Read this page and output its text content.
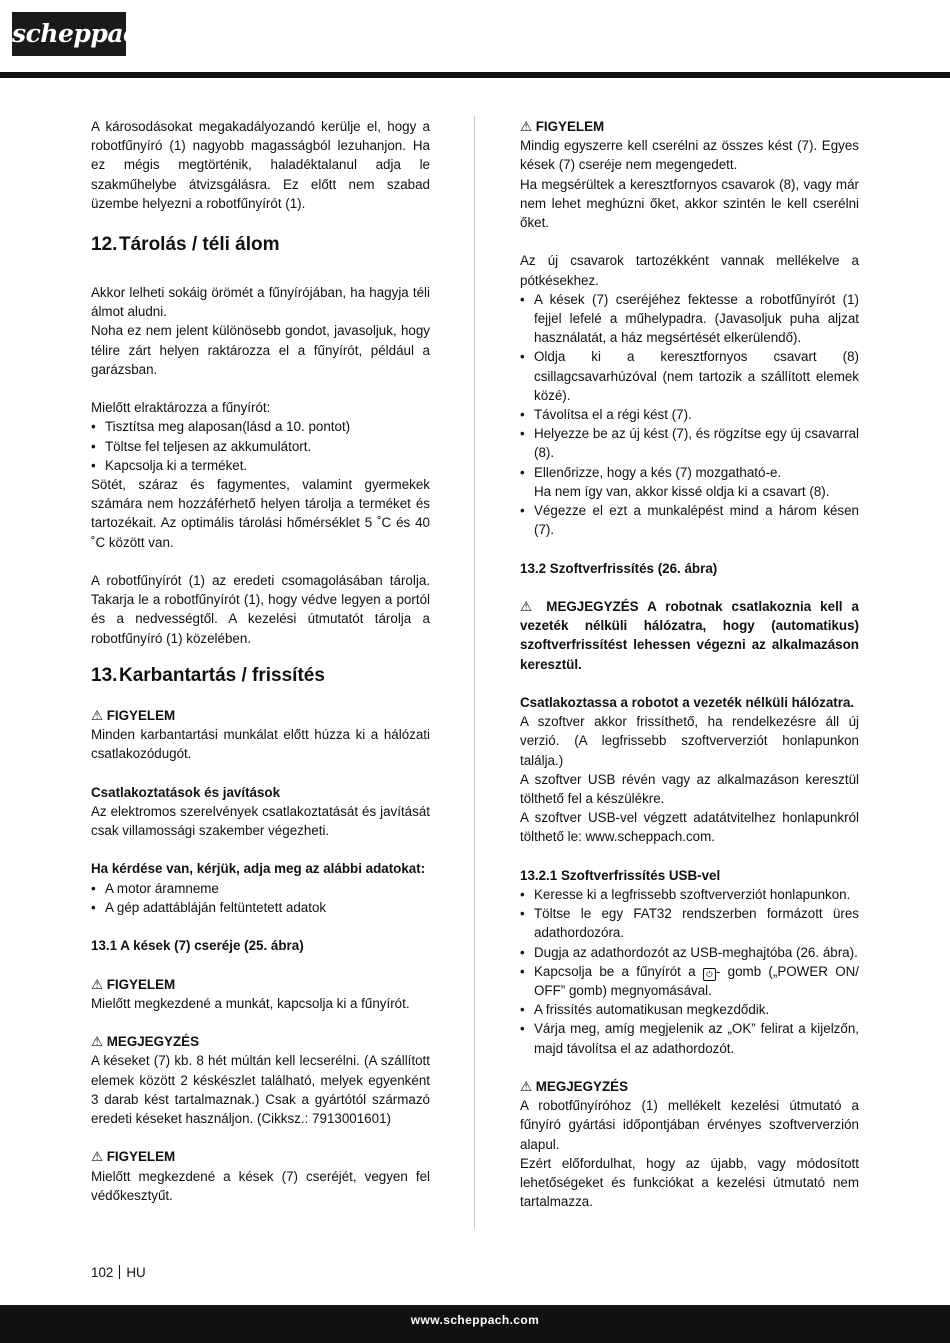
scheppach

A károsodásokat megakadályozandó kerülje el, hogy a robotfűnyíró (1) nagyobb magasságból lezuhanjon. Ha ez mégis megtörténik, haladéktalanul adja le szakműhelybe átvizsgálásra. Ez előtt nem szabad üzembe helyezni a robotfűnyírót (1).

12.Tárolás / téli álom

Akkor lelheti sokáig örömét a fűnyírójában, ha hagyja téli álmot aludni.

Noha ez nem jelent különösebb gondot, javasoljuk, hogy télire zárt helyen raktározza el a fűnyírót, például a garázsban.

Mielőtt elraktározza a fűnyírót:

• Tisztítsa meg alaposan(lásd a 10. pontot)
• Töltse fel teljesen az akkumulátort.
• Kapcsolja ki a terméket.

Sötét, száraz és fagymentes, valamint gyermekek számára nem hozzáférhető helyen tárolja a terméket és tartozékait. Az optimális tárolási hőmérséklet 5 ˚C és 40 ˚C között van.

A robotfűnyírót (1) az eredeti csomagolásában tárolja. Takarja le a robotfűnyírót (1), hogy védve legyen a portól és a nedvességtől. A kezelési útmutatót tárolja a robotfűnyíró (1) közelében.

13.Karbantartás / frissítés

⚠ FIGYELEM

Minden karbantartási munkálat előtt húzza ki a hálózati csatlakozódugót.

Csatlakoztatások és javítások

Az elektromos szerelvények csatlakoztatását és javítását csak villamossági szakember végezheti.

Ha kérdése van, kérjük, adja meg az alábbi adatokat:

• A motor áramneme
• A gép adattábláján feltüntetett adatok

13.1 A kések (7) cseréje (25. ábra)

⚠ FIGYELEM

Mielőtt megkezdené a munkát, kapcsolja ki a fűnyírót.

⚠ MEGJEGYZÉS

A késeket (7) kb. 8 hét múltán kell lecserélni. (A szállított elemek között 2 késkészlet található, melyek egyenként 3 darab kést tartalmaznak.) Csak a gyártótól származó eredeti késeket használjon. (Cikksz.: 7913001601)

⚠ FIGYELEM

Mielőtt megkezdené a kések (7) cseréjét, vegyen fel védőkesztyűt.

⚠ FIGYELEM

Mindig egyszerre kell cserélni az összes kést (7). Egyes kések (7) cseréje nem megengedett.

Ha megsérültek a keresztfornyos csavarok (8), vagy már nem lehet meghúzni őket, akkor szintén le kell cserélni őket.

Az új csavarok tartozékként vannak mellékelve a pótkésekhez.

• A kések (7) cseréjéhez fektesse a robotfűnyírót (1) fejjel lefelé a műhelypadra. (Javasoljuk puha aljzat használatát, a ház megsértését elkerülendő).
• Oldja ki a keresztfornyos csavart (8) csillagcsavarhúzóval (nem tartozik a szállított elemek közé).
• Távolítsa el a régi kést (7).
• Helyezze be az új kést (7), és rögzítse egy új csavarral (8).
• Ellenőrizze, hogy a kés (7) mozgatható-e.
Ha nem így van, akkor kissé oldja ki a csavart (8).
• Végezze el ezt a munkalépést mind a három késen (7).

13.2 Szoftverfrissítés (26. ábra)

⚠ MEGJEGYZÉS A robotnak csatlakoznia kell a vezeték nélküli hálózatra, hogy (automatikus) szoftverfrissítést lehessen végezni az alkalmazáson keresztül.

Csatlakoztassa a robotot a vezeték nélküli hálózatra.

A szoftver akkor frissíthető, ha rendelkezésre áll új verzió. (A legfrissebb szoftververziót honlapunkon találja.)

A szoftver USB révén vagy az alkalmazáson keresztül tölthető fel a készülékre.

A szoftver USB-vel végzett adatátvitelhez honlapunkról tölthető le: www.scheppach.com.

13.2.1 Szoftverfrissítés USB-vel

• Keresse ki a legfrissebb szoftververziót honlapunkon.
• Töltse le egy FAT32 rendszerben formázott üres adathordozóra.
• Dugja az adathordozót az USB-meghajtóba (26. ábra).
• Kapcsolja be a fűnyírót a ⏻ - gomb („POWER ON/ OFF” gomb) megnyomásával.
• A frissítés automatikusan megkezdődik.
• Várja meg, amíg megjelenik az „OK” felirat a kijelzőn, majd távolítsa el az adathordozót.

⚠ MEGJEGYZÉS

A robotfűnyíróhoz (1) mellékelt kezelési útmutató a fűnyíró gyártási időpontjában érvényes szoftververzión alapul.

Ezért előfordulhat, hogy az újabb, vagy módosított lehetőségeket és funkciókat a kezelési útmutató nem tartalmazza.

102 HU
www.scheppach.com
